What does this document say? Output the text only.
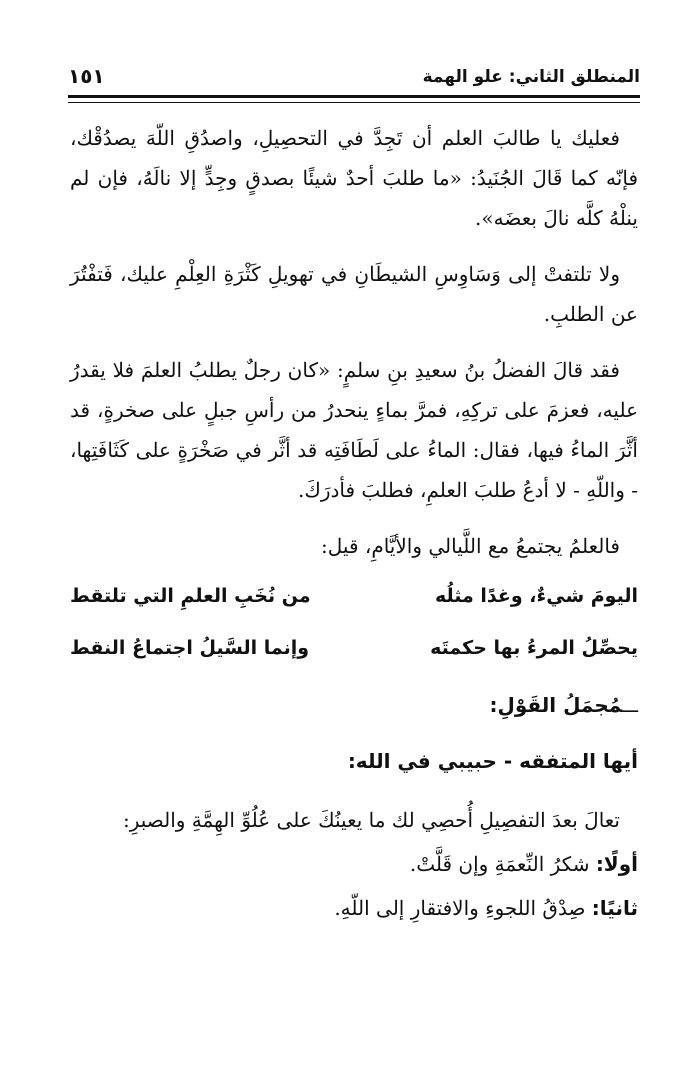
المنطلق الثاني: علو الهمة
١٥١

فعليك يا طالبَ العلم أن تَجِدَّ في التحصِيلِ، واصدُقِ اللّهَ يصدُقْك، فإنّه كما قَالَ الجُنَيدُ: «ما طلبَ أحدٌ شيئًا بصدقٍ وجِدٍّ إلا نالَهُ، فإن لم ينلْهُ كلَّه نالَ بعضَه».

ولا تلتفتْ إلى وَسَاوِسِ الشيطَانِ في تهويلِ كَثْرَةِ العِلْمِ عليك، فَتفْتُرَ عن الطلبِ.

فقد قالَ الفضلُ بنُ سعيدِ بنِ سلمٍ: «كان رجلٌ يطلبُ العلمَ فلا يقدرُ عليه، فعزمَ على تركِهِ، فمرَّ بماءٍ ينحدرُ من رأسِ جبلٍ على صخرةٍ، قد أثَّرَ الماءُ فيها، فقال: الماءُ على لَطَافَتِه قد أثَّر في صَخْرَةٍ على كَثَافَتِها، - واللّهِ - لا أدعُ طلبَ العلمِ، فطلبَ فأدرَكَ.

فالعلمُ يجتمعُ مع اللَّيالي والأيَّامِ، قيل:

اليومَ شيءٌ، وغدًا مثلُه
من نُخَبِ العلمِ التي تلتقط
يحصِّلُ المرءُ بها حكمتَه
وإنما السَّيلُ اجتماعُ النقط
ـــمُجمَلُ القَوْلِ:
أيها المتفقه - حبيبي في الله:

تعالَ بعدَ التفصِيلِ أُحصِي لك ما يعينُكَ على عُلُوِّ الهِمَّةِ والصبرِ:

أولًا: شكرُ النِّعمَةِ وإن قَلَّتْ.

ثانيًا: صِدْقُ اللجوءِ والافتقارِ إلى اللّهِ.
